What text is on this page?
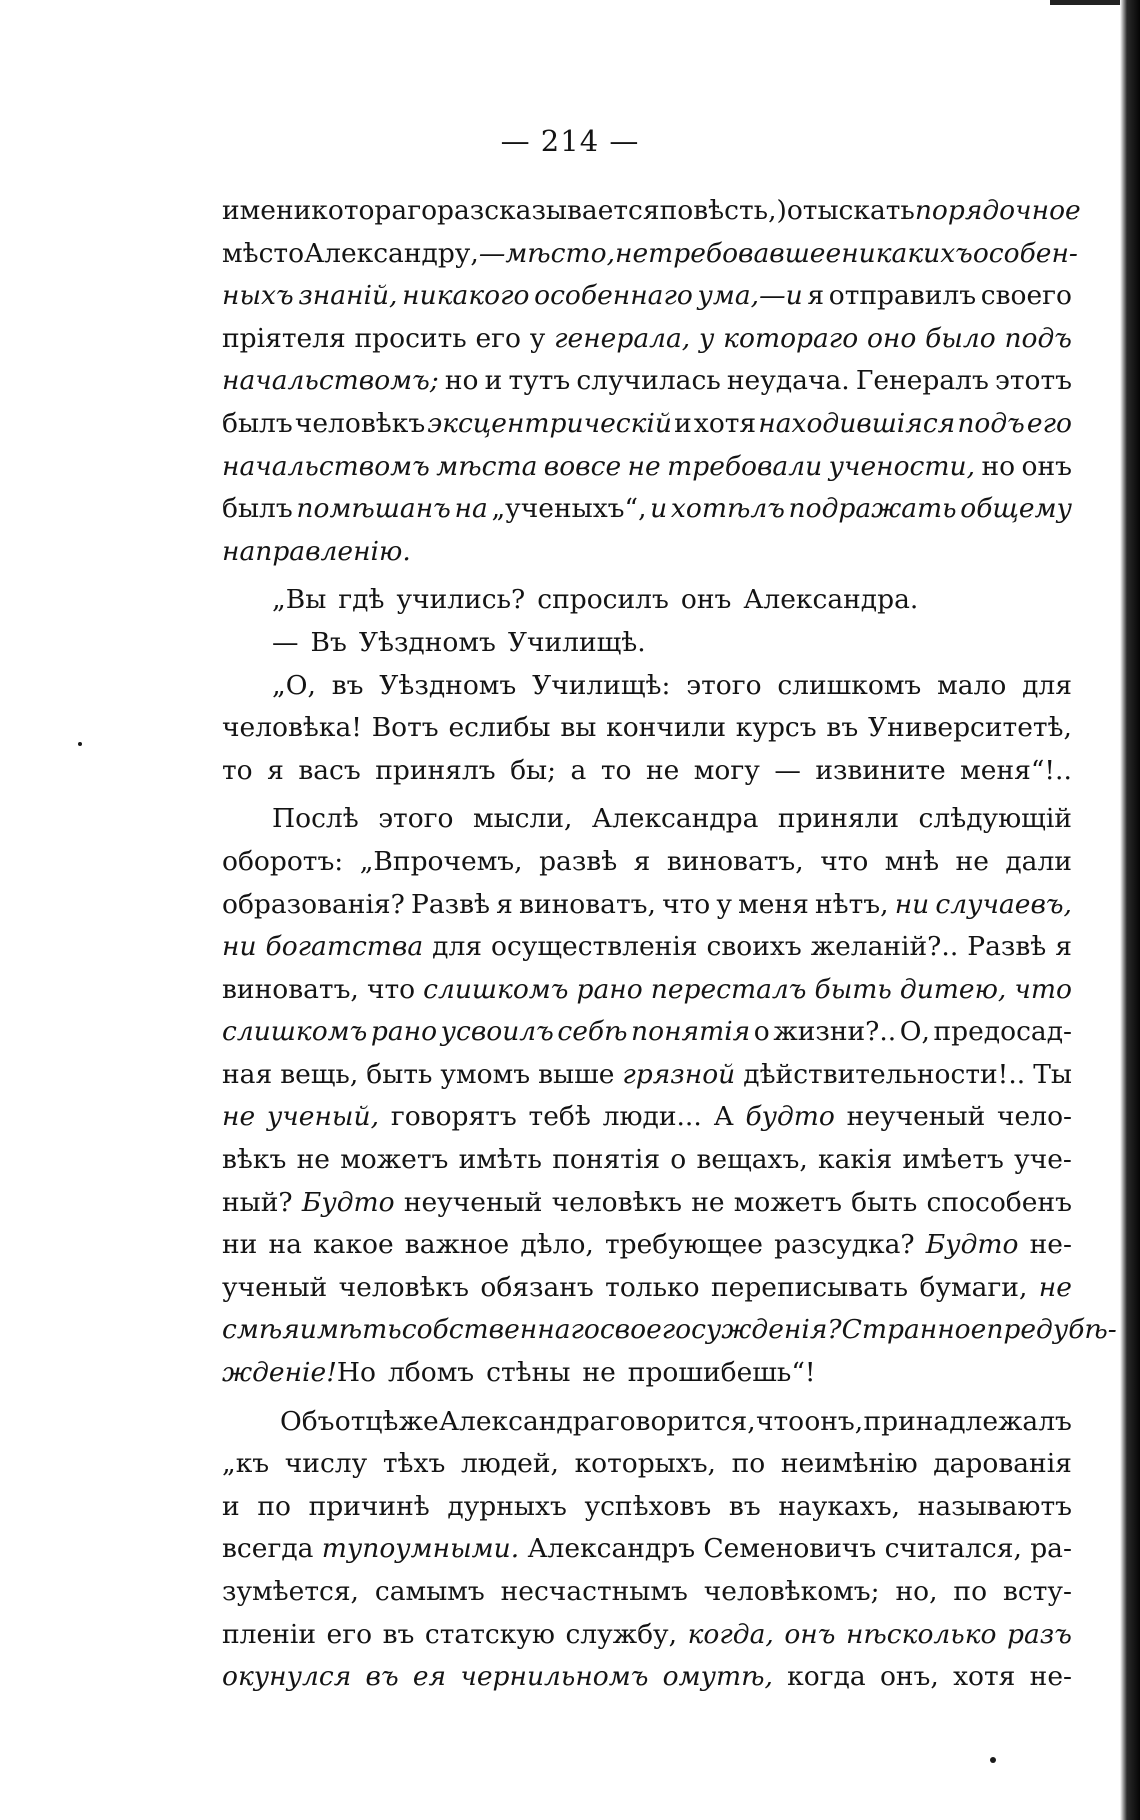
— 214 —
имени котораго разсказывается повѣсть,) отыскать порядочное
мѣсто Александру, —мѣсто, не требовавшее никакихъ особен-
ныхъ знаній, никакого особеннаго ума,—и я отправилъ своего
пріятеля просить его у генерала, у котораго оно было подъ
начальствомъ; но и тутъ случилась неудача. Генералъ этотъ
былъ человѣкъ эксцентрическій и хотя находившіяся подъ его
начальствомъ мѣста вовсе не требовали учености, но онъ
былъ помѣшанъ на „ученыхъ“, и хотѣлъ подражать общему
направленію.
„Вы гдѣ учились? спросилъ онъ Александра.
— Въ Уѣздномъ Училищѣ.
„О, въ Уѣздномъ Училищѣ: этого слишкомъ мало для
человѣка! Вотъ еслибы вы кончили курсъ въ Университетѣ,
то я васъ принялъ бы; а то не могу — извините меня“!..
Послѣ этого мысли, Александра приняли слѣдующій
оборотъ: „Впрочемъ, развѣ я виноватъ, что мнѣ не дали
образованія? Развѣ я виноватъ, что у меня нѣтъ, ни случаевъ,
ни богатства для осуществленія своихъ желаній?.. Развѣ я
виноватъ, что слишкомъ рано пересталъ быть дитею, что
слишкомъ рано усвоилъ себѣ понятія о жизни?.. О, предосад-
ная вещь, быть умомъ выше грязной дѣйствительности!.. Ты
не ученый, говорятъ тебѣ люди... А будто неученый чело-
вѣкъ не можетъ имѣть понятія о вещахъ, какія имѣетъ уче-
ный? Будто неученый человѣкъ не можетъ быть способенъ
ни на какое важное дѣло, требующее разсудка? Будто не-
ученый человѣкъ обязанъ только переписывать бумаги, не
смѣя имѣть собственнаго своего сужденія? Странное предубѣ-
жденіе! Но лбомъ стѣны не прошибешь“!
Объ отцѣ же Александра говорится, что онъ, принадлежалъ
„къ числу тѣхъ людей, которыхъ, по неимѣнію дарованія
и по причинѣ дурныхъ успѣховъ въ наукахъ, называютъ
всегда тупоумными. Александръ Семеновичъ считался, ра-
зумѣется, самымъ несчастнымъ человѣкомъ; но, по всту-
пленіи его въ статскую службу, когда, онъ нѣсколько разъ
окунулся въ ея чернильномъ омутѣ, когда онъ, хотя не-
